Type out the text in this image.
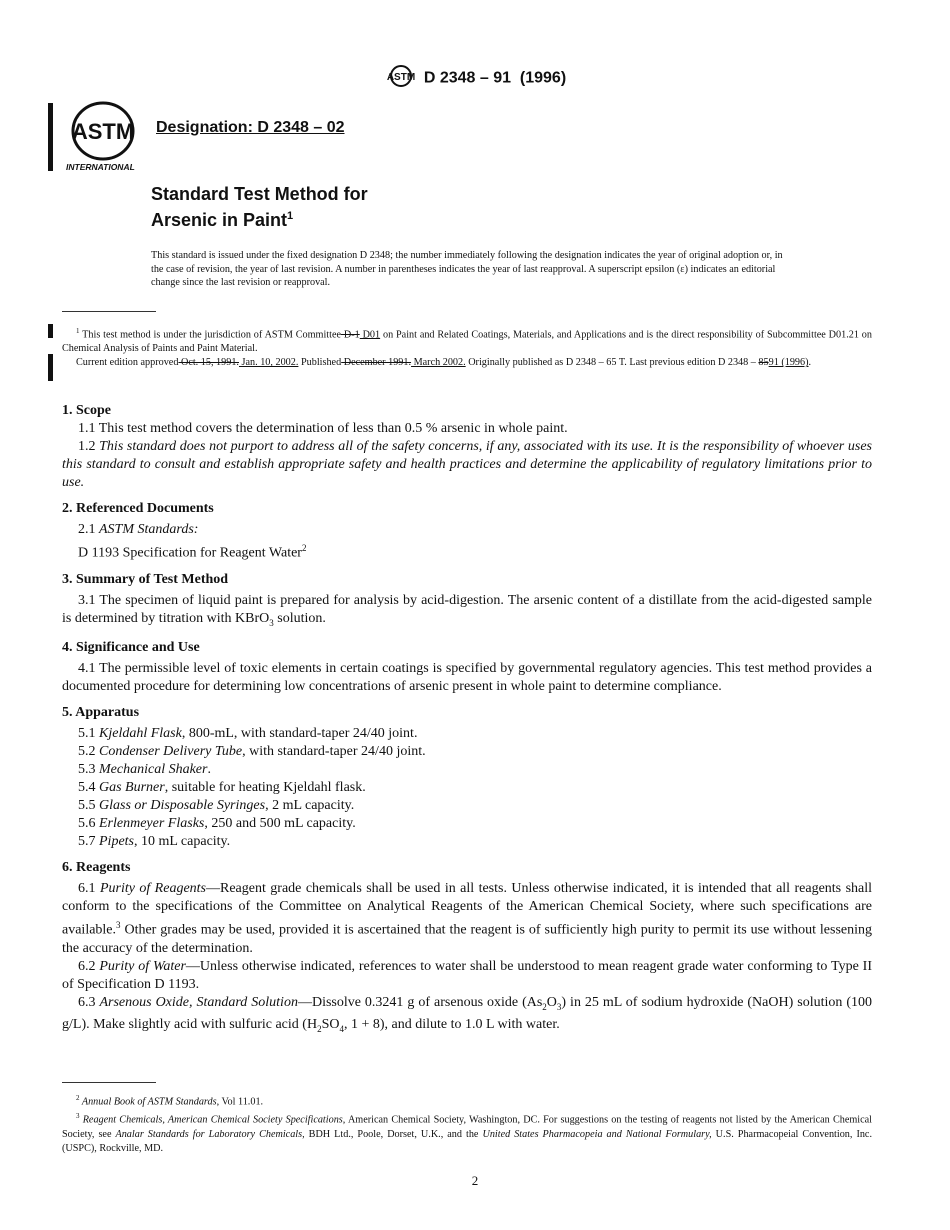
ASTM D 2348 – 91 (1996)
ASTM
INTERNATIONAL
Designation: D 2348 – 02
Standard Test Method for
Arsenic in Paint$^1$
This standard is issued under the fixed designation D 2348; the number immediately following the designation indicates the year of original adoption or, in the case of revision, the year of last revision. A number in parentheses indicates the year of last reapproval. A superscript epsilon (ε) indicates an editorial change since the last revision or reapproval.
$^1$ This test method is under the jurisdiction of ASTM Committee D-1 D01 on Paint and Related Coatings, Materials, and Applications and is the direct responsibility of Subcommittee D01.21 on Chemical Analysis of Paints and Paint Material.
Current edition approved Oct. 15, 1991. Jan. 10, 2002. Published December 1991. March 2002. Originally published as D 2348 – 65 T. Last previous edition D 2348 – 8591 (1996).
1. Scope

1.1 This test method covers the determination of less than 0.5 % arsenic in whole paint.

1.2 This standard does not purport to address all of the safety concerns, if any, associated with its use. It is the responsibility of whoever uses this standard to consult and establish appropriate safety and health practices and determine the applicability of regulatory limitations prior to use.

2. Referenced Documents

2.1 ASTM Standards:

D 1193 Specification for Reagent Water$^2$

3. Summary of Test Method

3.1 The specimen of liquid paint is prepared for analysis by acid-digestion. The arsenic content of a distillate from the acid-digested sample is determined by titration with KBrO$_3$ solution.

4. Significance and Use

4.1 The permissible level of toxic elements in certain coatings is specified by governmental regulatory agencies. This test method provides a documented procedure for determining low concentrations of arsenic present in whole paint to determine compliance.

5. Apparatus

5.1 Kjeldahl Flask, 800-mL, with standard-taper 24/40 joint.

5.2 Condenser Delivery Tube, with standard-taper 24/40 joint.

5.3 Mechanical Shaker.

5.4 Gas Burner, suitable for heating Kjeldahl flask.

5.5 Glass or Disposable Syringes, 2 mL capacity.

5.6 Erlenmeyer Flasks, 250 and 500 mL capacity.

5.7 Pipets, 10 mL capacity.

6. Reagents

6.1 Purity of Reagents—Reagent grade chemicals shall be used in all tests. Unless otherwise indicated, it is intended that all reagents shall conform to the specifications of the Committee on Analytical Reagents of the American Chemical Society, where such specifications are available.$^3$ Other grades may be used, provided it is ascertained that the reagent is of sufficiently high purity to permit its use without lessening the accuracy of the determination.

6.2 Purity of Water—Unless otherwise indicated, references to water shall be understood to mean reagent grade water conforming to Type II of Specification D 1193.

6.3 Arsenous Oxide, Standard Solution—Dissolve 0.3241 g of arsenous oxide $(As_2O_3)$ in 25 mL of sodium hydroxide (NaOH) solution (100 g/L). Make slightly acid with sulfuric acid ($H_2SO_4$, 1 + 8), and dilute to 1.0 L with water.

$^2$ Annual Book of ASTM Standards, Vol 11.01.
$^3$ Reagent Chemicals, American Chemical Society Specifications, American Chemical Society, Washington, DC. For suggestions on the testing of reagents not listed by the American Chemical Society, see Analar Standards for Laboratory Chemicals, BDH Ltd., Poole, Dorset, U.K., and the United States Pharmacopeia and National Formulary, U.S. Pharmacopeial Convention, Inc. (USPC), Rockville, MD.
2
